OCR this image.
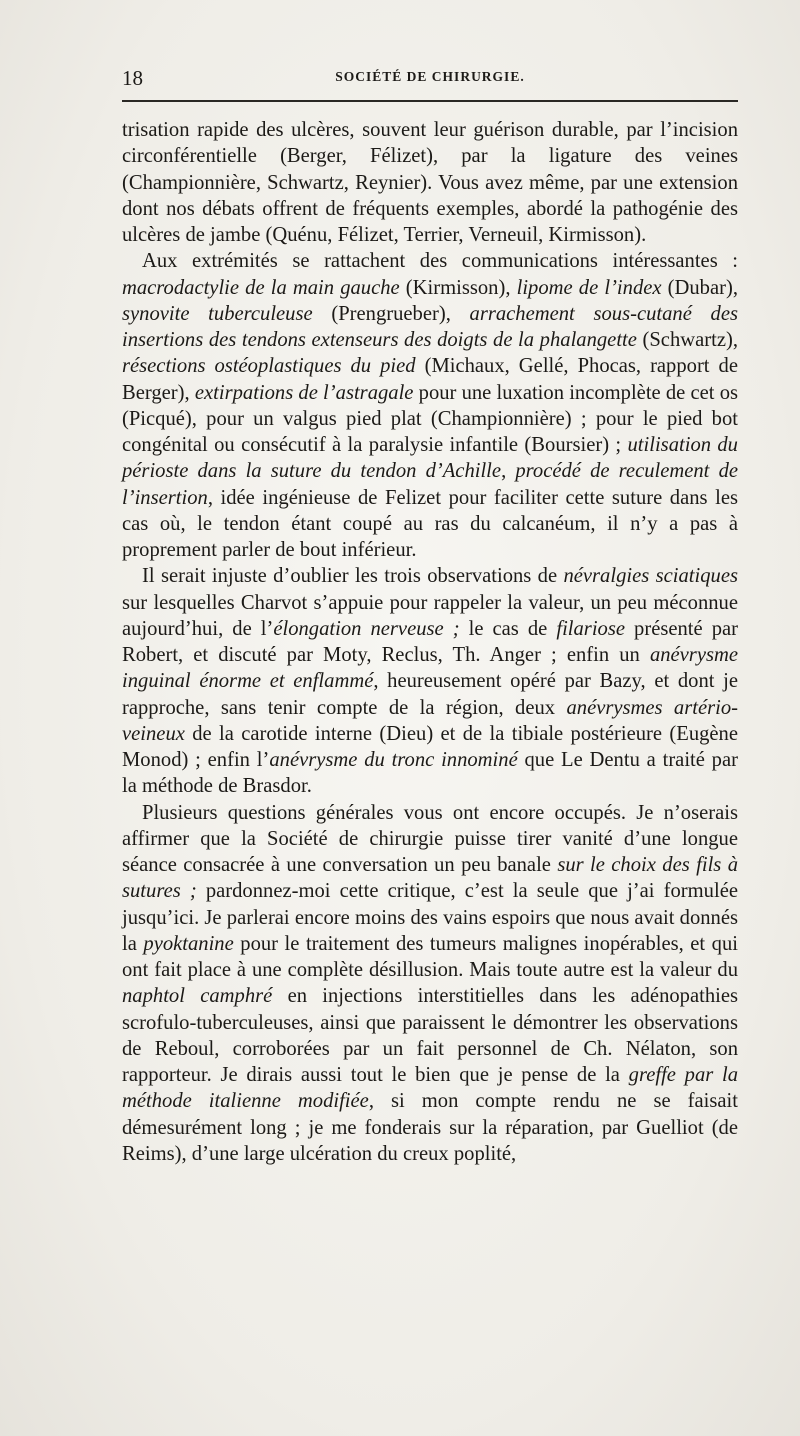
18	SOCIÉTÉ DE CHIRURGIE.

trisation rapide des ulcères, souvent leur guérison durable, par l’incision circonférentielle (Berger, Félizet), par la ligature des veines (Championnière, Schwartz, Reynier). Vous avez même, par une extension dont nos débats offrent de fréquents exemples, abordé la pathogénie des ulcères de jambe (Quénu, Félizet, Terrier, Verneuil, Kirmisson).

Aux extrémités se rattachent des communications intéressantes : macrodactylie de la main gauche (Kirmisson), lipome de l’index (Dubar), synovite tuberculeuse (Prengrueber), arrachement sous-cutané des insertions des tendons extenseurs des doigts de la phalangette (Schwartz), résections ostéoplastiques du pied (Michaux, Gellé, Phocas, rapport de Berger), extirpations de l’astragale pour une luxation incomplète de cet os (Picqué), pour un valgus pied plat (Championnière) ; pour le pied bot congénital ou consécutif à la paralysie infantile (Boursier) ; utilisation du périoste dans la suture du tendon d’Achille, procédé de reculement de l’insertion, idée ingénieuse de Felizet pour faciliter cette suture dans les cas où, le tendon étant coupé au ras du calcanéum, il n’y a pas à proprement parler de bout inférieur.

Il serait injuste d’oublier les trois observations de névralgies sciatiques sur lesquelles Charvot s’appuie pour rappeler la valeur, un peu méconnue aujourd’hui, de l’élongation nerveuse ; le cas de filariose présenté par Robert, et discuté par Moty, Reclus, Th. Anger ; enfin un anévrysme inguinal énorme et enflammé, heureusement opéré par Bazy, et dont je rapproche, sans tenir compte de la région, deux anévrysmes artério-veineux de la carotide interne (Dieu) et de la tibiale postérieure (Eugène Monod) ; enfin l’anévrysme du tronc innominé que Le Dentu a traité par la méthode de Brasdor.

Plusieurs questions générales vous ont encore occupés. Je n’oserais affirmer que la Société de chirurgie puisse tirer vanité d’une longue séance consacrée à une conversation un peu banale sur le choix des fils à sutures ; pardonnez-moi cette critique, c’est la seule que j’ai formulée jusqu’ici. Je parlerai encore moins des vains espoirs que nous avait donnés la pyoktanine pour le traitement des tumeurs malignes inopérables, et qui ont fait place à une complète désillusion. Mais toute autre est la valeur du naphtol camphré en injections interstitielles dans les adénopathies scrofulo-tuberculeuses, ainsi que paraissent le démontrer les observations de Reboul, corroborées par un fait personnel de Ch. Nélaton, son rapporteur. Je dirais aussi tout le bien que je pense de la greffe par la méthode italienne modifiée, si mon compte rendu ne se faisait démesurément long ; je me fonderais sur la réparation, par Guelliot (de Reims), d’une large ulcération du creux poplité,
